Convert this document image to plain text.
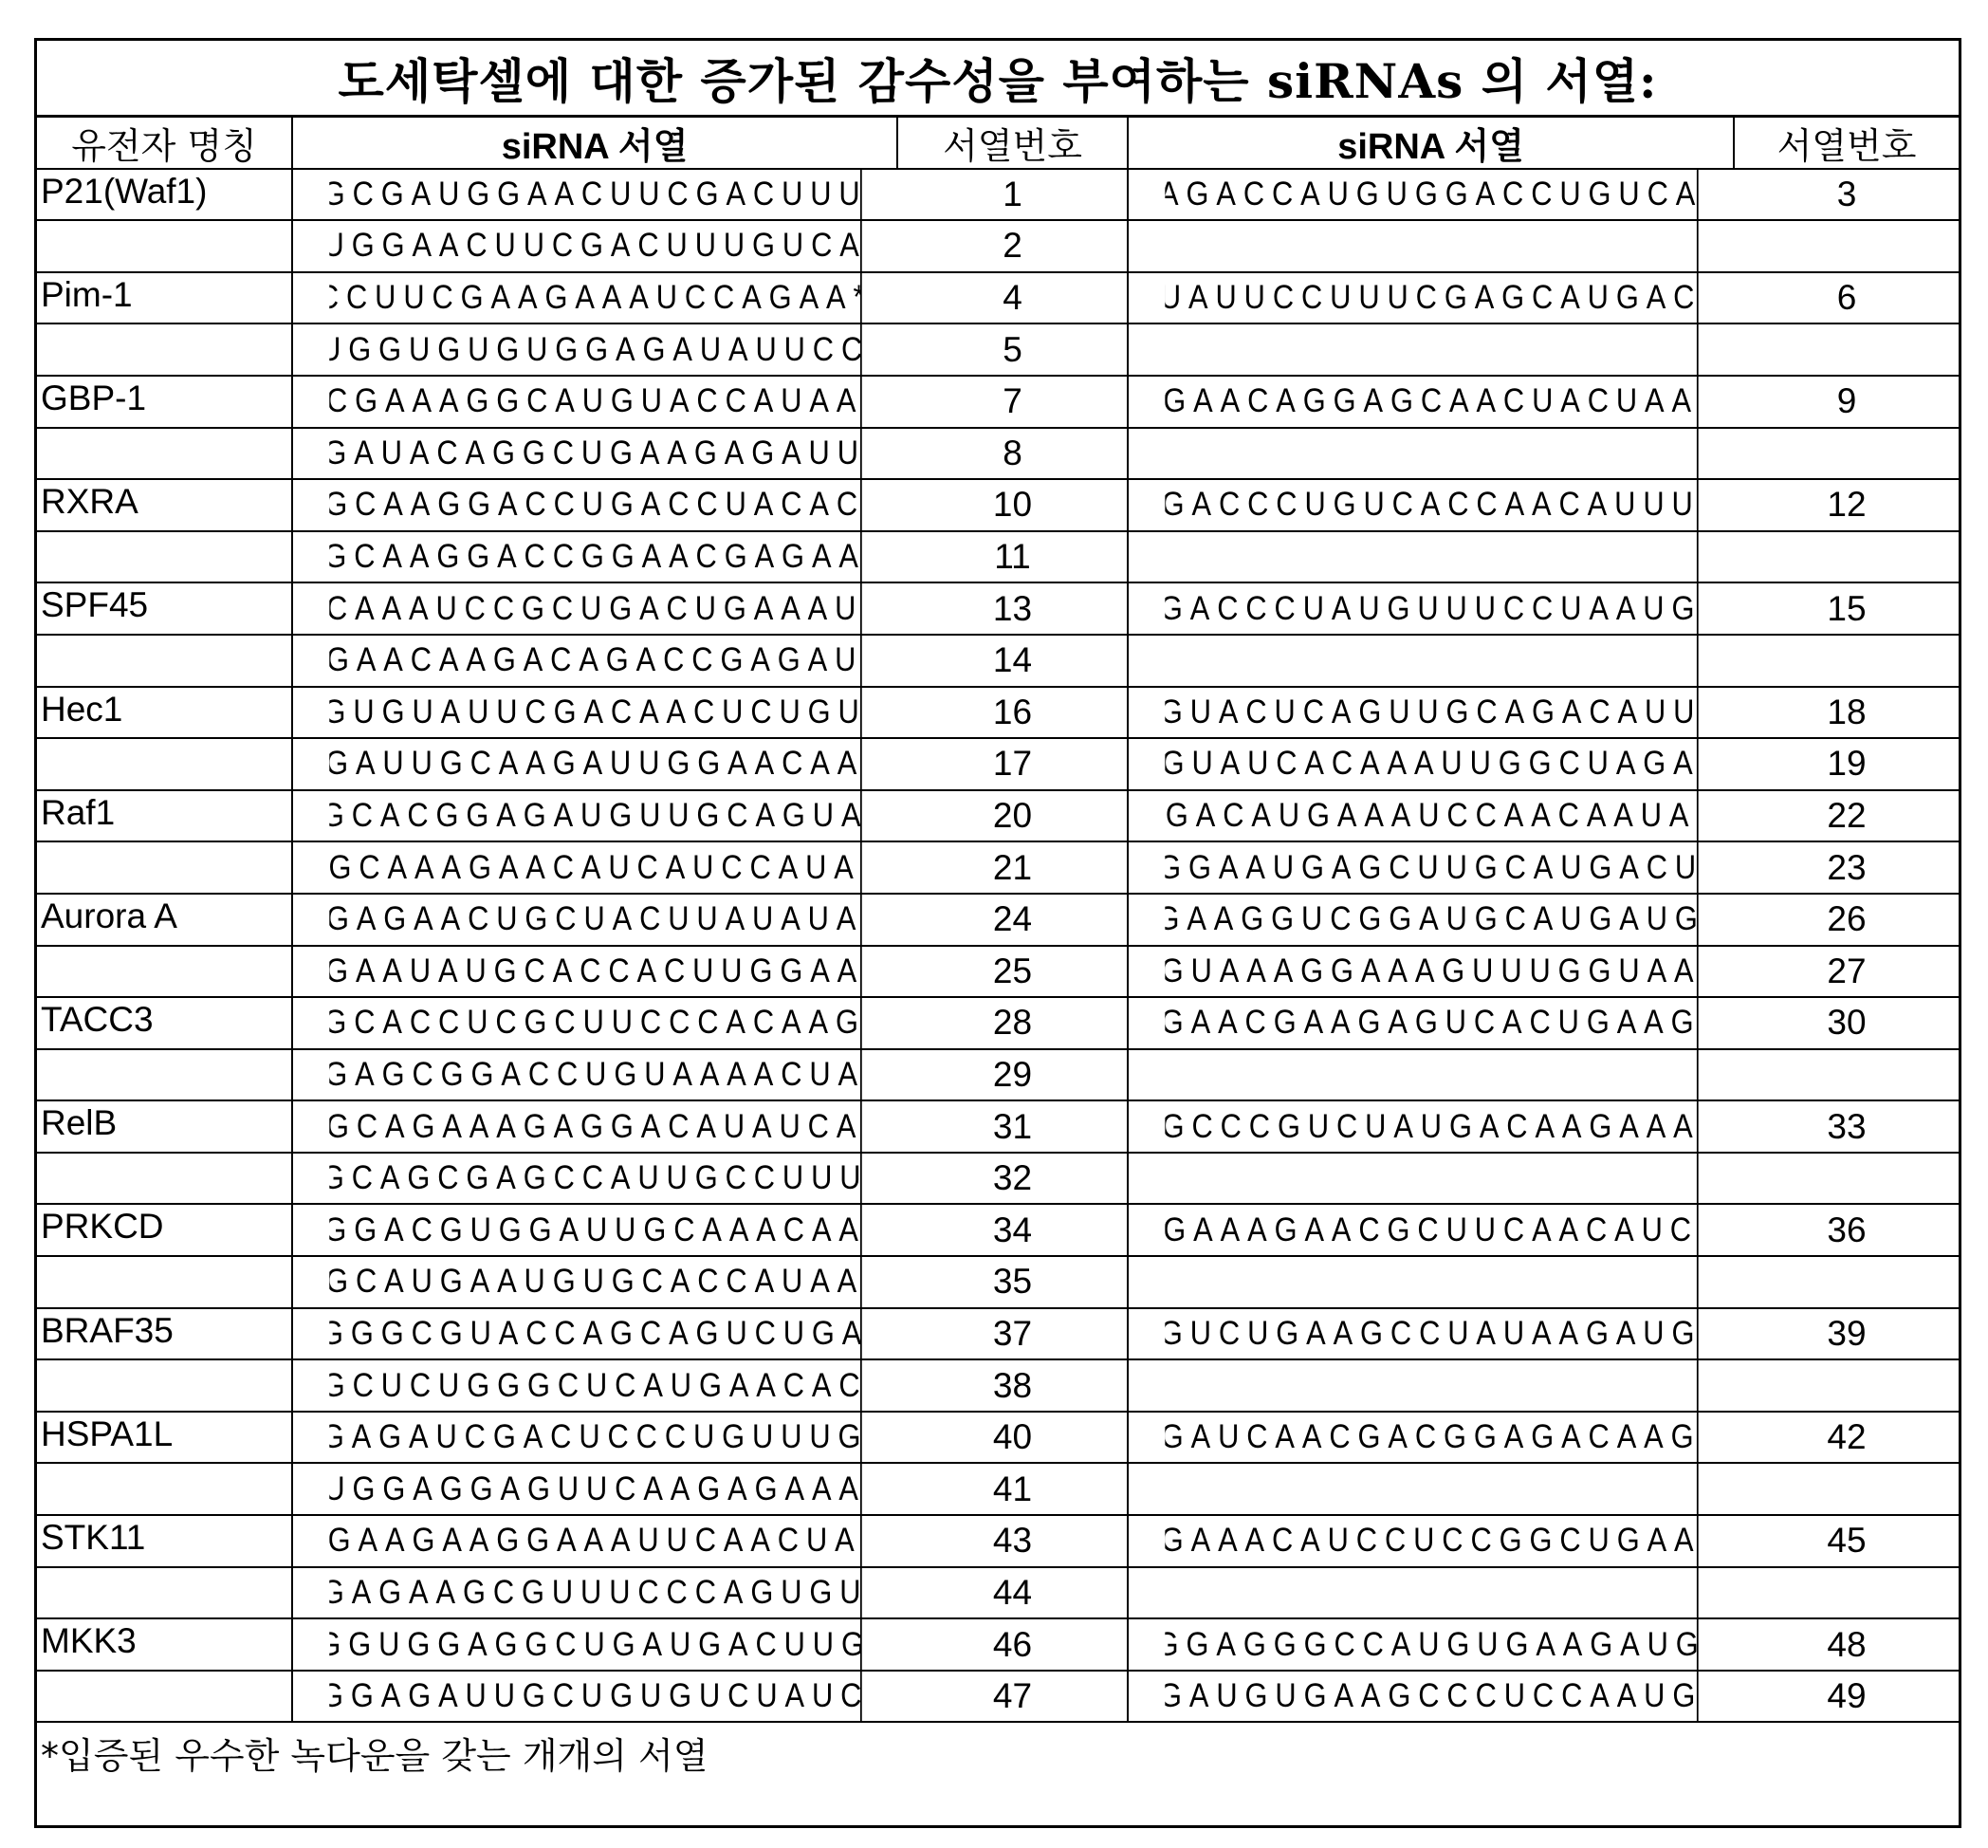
도세탁셀에 대한 증가된 감수성을 부여하는 siRNAs 의 서열:
유전자 명칭	siRNA 서열	서열번호	siRNA 서열	서열번호
P21(Waf1)	GCGAUGGAACUUCGACUUU	1	AGACCAUGUGGACCUGUCA	3
UGGAACUUCGACUUUGUCA	2
Pim-1	CCUUCGAAGAAAUCCAGAA*	4	UAUUCCUUUCGAGCAUGAC	6
UGGUGUGUGGAGAUAUUCC	5
GBP-1	CGAAAGGCAUGUACCAUAA	7	GAACAGGAGCAACUACUAA	9
GAUACAGGCUGAAGAGAUU	8
RXRA	GCAAGGACCUGACCUACAC	10	GACCCUGUCACCAACAUUU	12
GCAAGGACCGGAACGAGAA	11
SPF45	CAAAUCCGCUGACUGAAAU	13	GACCCUAUGUUUCCUAAUG	15
GAACAAGACAGACCGAGAU	14
Hec1	GUGUAUUCGACAACUCUGU	16	GUACUCAGUUGCAGACAUU	18
GAUUGCAAGAUUGGAACAA	17	GUAUCACAAAUUGGCUAGA	19
Raf1	GCACGGAGAUGUUGCAGUA	20	GACAUGAAAUCCAACAAUA	22
GCAAAGAACAUCAUCCAUA	21	GGAAUGAGCUUGCAUGACU	23
Aurora A	GAGAACUGCUACUUAUAUA	24	GAAGGUCGGAUGCAUGAUG	26
GAAUAUGCACCACUUGGAA	25	GUAAAGGAAAGUUUGGUAA	27
TACC3	GCACCUCGCUUCCCACAAG	28	GAACGAAGAGUCACUGAAG	30
GAGCGGACCUGUAAAACUA	29
RelB	GCAGAAAGAGGACAUAUCA	31	GCCCGUCUAUGACAAGAAA	33
GCAGCGAGCCAUUGCCUUU	32
PRKCD	GGACGUGGAUUGCAAACAA	34	GAAAGAACGCUUCAACAUC	36
GCAUGAAUGUGCACCAUAA	35
BRAF35	GGGCGUACCAGCAGUCUGA	37	GUCUGAAGCCUAUAAGAUG	39
GCUCUGGGCUCAUGAACAC	38
HSPA1L	GAGAUCGACUCCCUGUUUG	40	GAUCAACGACGGAGACAAG	42
UGGAGGAGUUCAAGAGAAA	41
STK11	GAAGAAGGAAAUUCAACUA	43	GAAACAUCCUCCGGCUGAA	45
GAGAAGCGUUUCCCAGUGU	44
MKK3	GGUGGAGGCUGAUGACUUG	46	GGAGGGCCAUGUGAAGAUG	48
GGAGAUUGCUGUGUCUAUC	47	GAUGUGAAGCCCUCCAAUG	49
*입증된 우수한 녹다운을 갖는 개개의 서열
